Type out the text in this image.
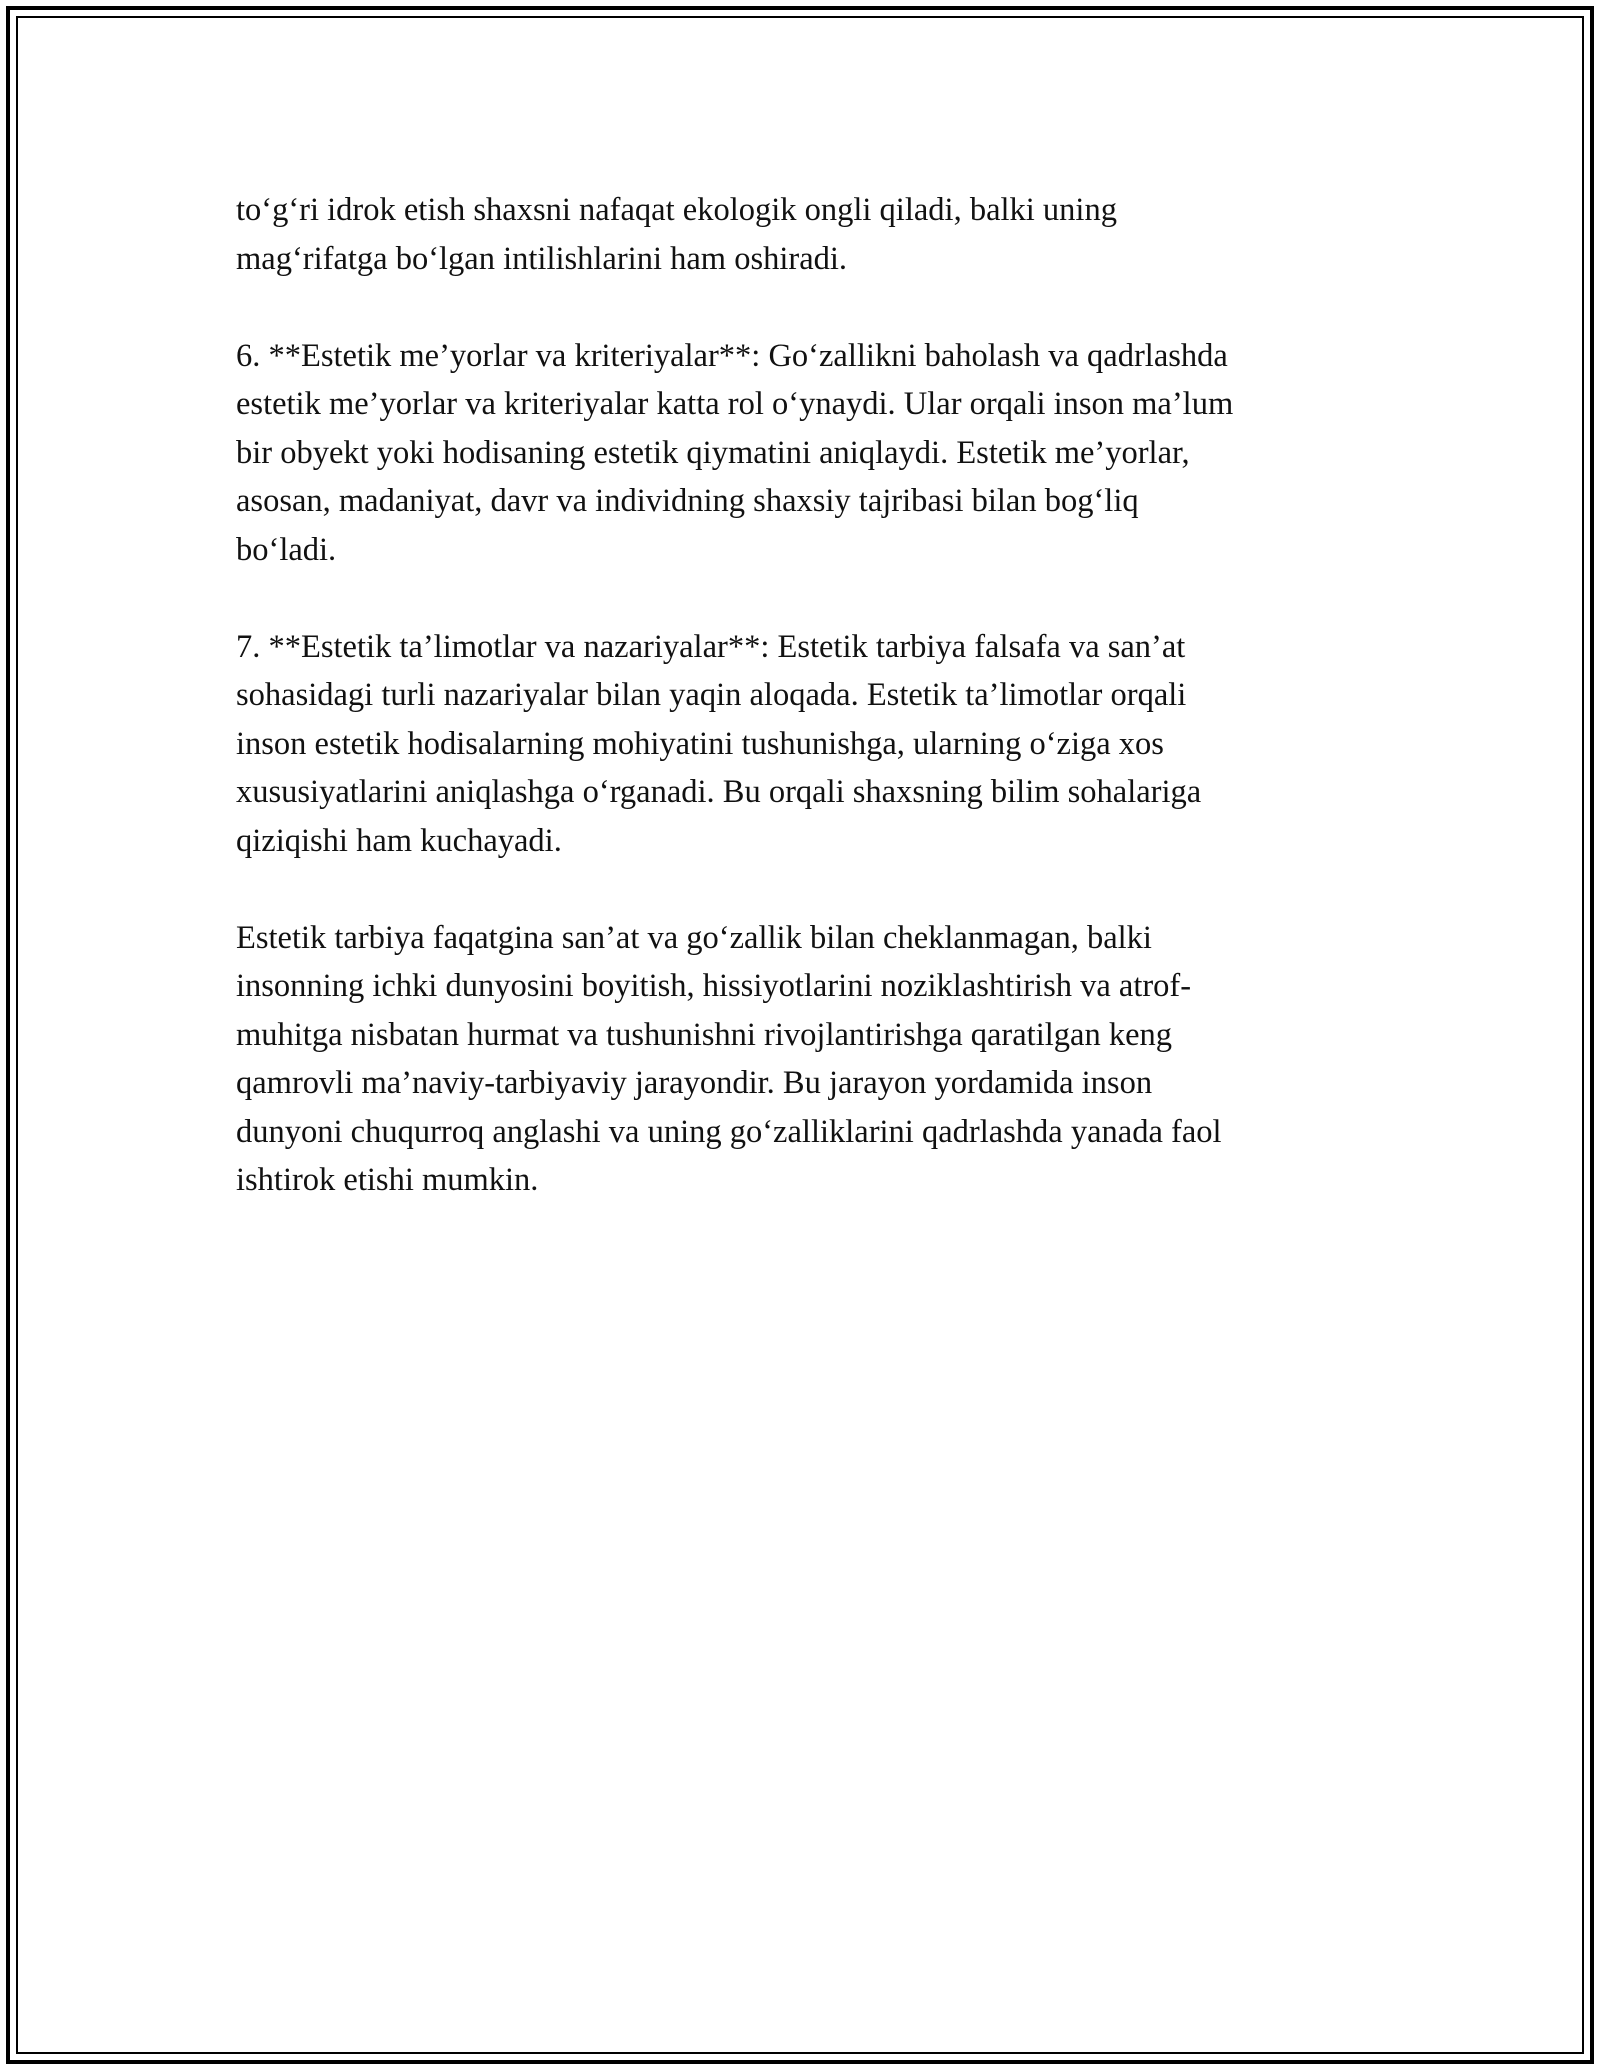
to‘g‘ri idrok etish shaxsni nafaqat ekologik ongli qiladi, balki uning
mag‘rifatga bo‘lgan intilishlarini ham oshiradi.

6. **Estetik me’yorlar va kriteriyalar**: Go‘zallikni baholash va qadrlashda
estetik me’yorlar va kriteriyalar katta rol o‘ynaydi. Ular orqali inson ma’lum
bir obyekt yoki hodisaning estetik qiymatini aniqlaydi. Estetik me’yorlar,
asosan, madaniyat, davr va individning shaxsiy tajribasi bilan bog‘liq
bo‘ladi.

7. **Estetik ta’limotlar va nazariyalar**: Estetik tarbiya falsafa va san’at
sohasidagi turli nazariyalar bilan yaqin aloqada. Estetik ta’limotlar orqali
inson estetik hodisalarning mohiyatini tushunishga, ularning o‘ziga xos
xususiyatlarini aniqlashga o‘rganadi. Bu orqali shaxsning bilim sohalariga
qiziqishi ham kuchayadi.

Estetik tarbiya faqatgina san’at va go‘zallik bilan cheklanmagan, balki
insonning ichki dunyosini boyitish, hissiyotlarini noziklashtirish va atrof-
muhitga nisbatan hurmat va tushunishni rivojlantirishga qaratilgan keng
qamrovli ma’naviy-tarbiyaviy jarayondir. Bu jarayon yordamida inson
dunyoni chuqurroq anglashi va uning go‘zalliklarini qadrlashda yanada faol
ishtirok etishi mumkin.
